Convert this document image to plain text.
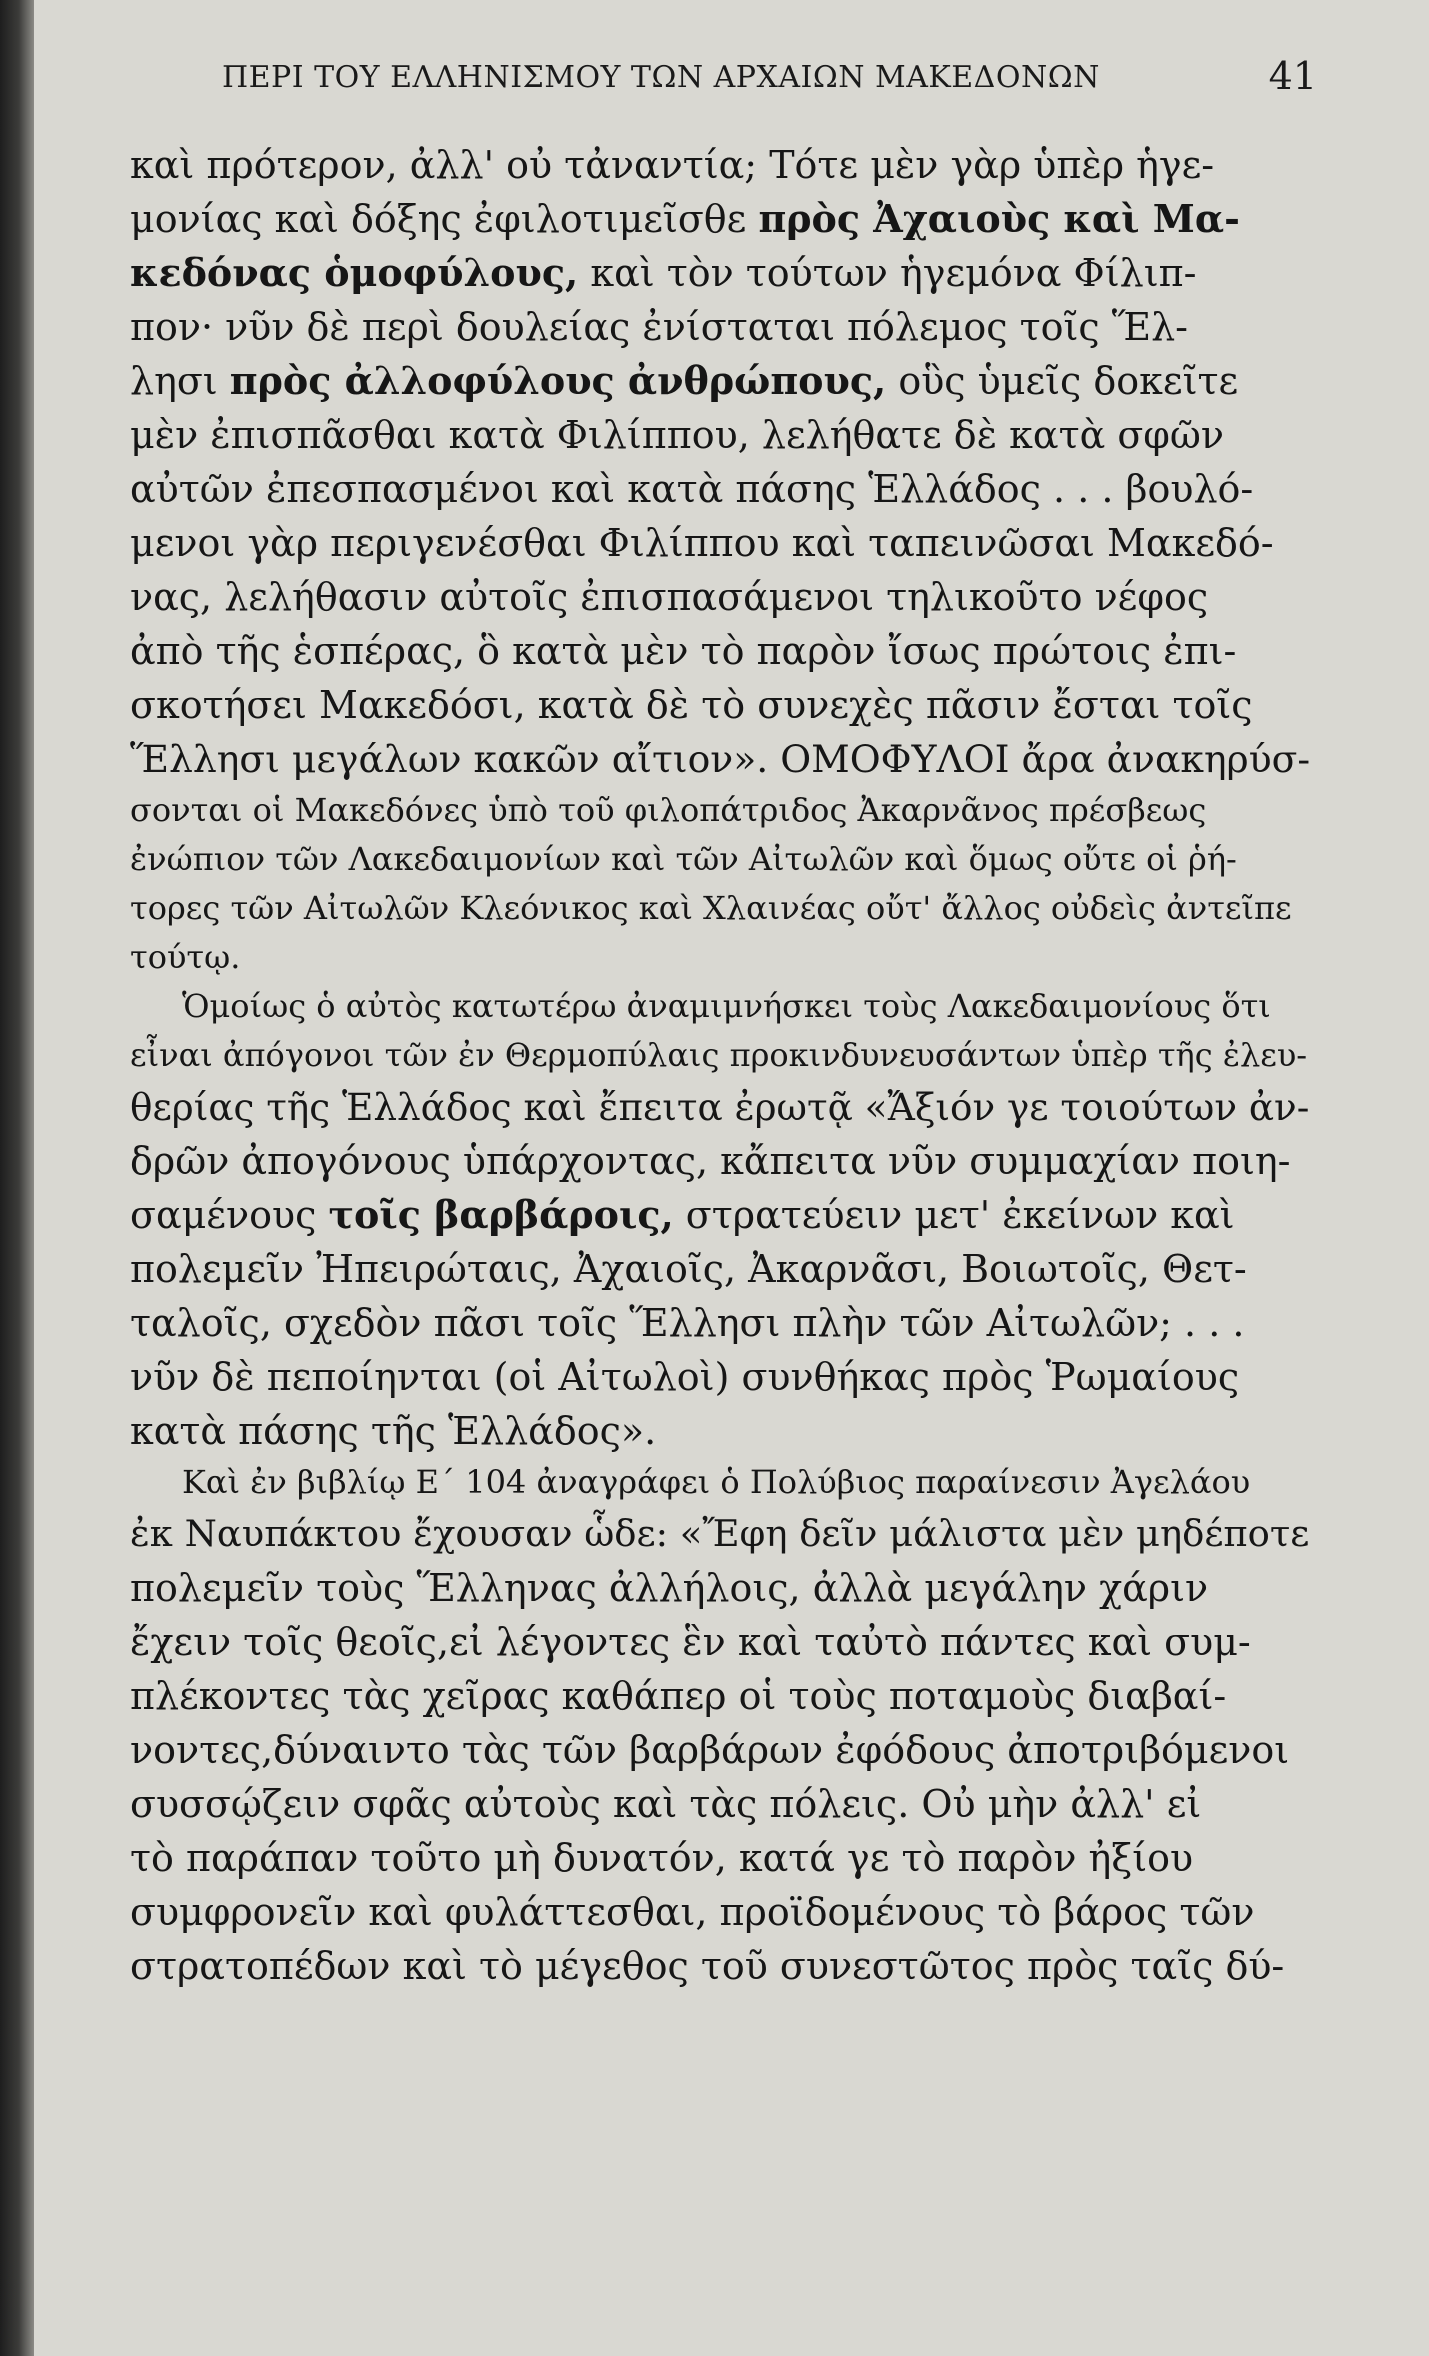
ΠΕΡΙ ΤΟΥ ΕΛΛΗΝΙΣΜΟΥ ΤΩΝ ΑΡΧΑΙΩΝ ΜΑΚΕΔΟΝΩΝ	41
καὶ πρότερον, ἀλλ' οὐ τἀναντία; Τότε μὲν γὰρ ὑπὲρ ἡγε-
μονίας καὶ δόξης ἐφιλοτιμεῖσθε πρὸς Ἀχαιοὺς καὶ Μα-
κεδόνας ὁμοφύλους, καὶ τὸν τούτων ἡγεμόνα Φίλιπ-
πον· νῦν δὲ περὶ δουλείας ἐνίσταται πόλεμος τοῖς Ἕλ-
λησι πρὸς ἀλλοφύλους ἀνθρώπους, οὓς ὑμεῖς δοκεῖτε
μὲν ἐπισπᾶσθαι κατὰ Φιλίππου, λελήθατε δὲ κατὰ σφῶν
αὐτῶν ἐπεσπασμένοι καὶ κατὰ πάσης Ἑλλάδος . . . βουλό-
μενοι γὰρ περιγενέσθαι Φιλίππου καὶ ταπεινῶσαι Μακεδό-
νας, λελήθασιν αὐτοῖς ἐπισπασάμενοι τηλικοῦτο νέφος
ἀπὸ τῆς ἑσπέρας, ὃ κατὰ μὲν τὸ παρὸν ἴσως πρώτοις ἐπι-
σκοτήσει Μακεδόσι, κατὰ δὲ τὸ συνεχὲς πᾶσιν ἔσται τοῖς
Ἕλλησι μεγάλων κακῶν αἴτιον». ΟΜΟΦΥΛΟΙ ἄρα ἀνακηρύσ-
σονται οἱ Μακεδόνες ὑπὸ τοῦ φιλοπάτριδος Ἀκαρνᾶνος πρέσβεως
ἐνώπιον τῶν Λακεδαιμονίων καὶ τῶν Αἰτωλῶν καὶ ὅμως οὔτε οἱ ῥή-
τορες τῶν Αἰτωλῶν Κλεόνικος καὶ Χλαινέας οὔτ' ἄλλος οὐδεὶς ἀντεῖπε
τούτῳ.
Ὁμοίως ὁ αὐτὸς κατωτέρω ἀναμιμνήσκει τοὺς Λακεδαιμονίους ὅτι
εἶναι ἀπόγονοι τῶν ἐν Θερμοπύλαις προκινδυνευσάντων ὑπὲρ τῆς ἐλευ-
θερίας τῆς Ἑλλάδος καὶ ἔπειτα ἐρωτᾷ «Ἄξιόν γε τοιούτων ἀν-
δρῶν ἀπογόνους ὑπάρχοντας, κἄπειτα νῦν συμμαχίαν ποιη-
σαμένους τοῖς βαρβάροις, στρατεύειν μετ' ἐκείνων καὶ
πολεμεῖν Ἠπειρώταις, Ἀχαιοῖς, Ἀκαρνᾶσι, Βοιωτοῖς, Θετ-
ταλοῖς, σχεδὸν πᾶσι τοῖς Ἕλλησι πλὴν τῶν Αἰτωλῶν; . . .
νῦν δὲ πεποίηνται (οἱ Αἰτωλοὶ) συνθήκας πρὸς Ῥωμαίους
κατὰ πάσης τῆς Ἑλλάδος».
Καὶ ἐν βιβλίῳ Ε΄ 104 ἀναγράφει ὁ Πολύβιος παραίνεσιν Ἀγελάου
ἐκ Ναυπάκτου ἔχουσαν ὧδε: «Ἔφη δεῖν μάλιστα μὲν μηδέποτε
πολεμεῖν τοὺς Ἕλληνας ἀλλήλοις, ἀλλὰ μεγάλην χάριν
ἔχειν τοῖς θεοῖς,εἰ λέγοντες ἓν καὶ ταὐτὸ πάντες καὶ συμ-
πλέκοντες τὰς χεῖρας καθάπερ οἱ τοὺς ποταμοὺς διαβαί-
νοντες,δύναιντο τὰς τῶν βαρβάρων ἐφόδους ἀποτριβόμενοι
συσσῴζειν σφᾶς αὐτοὺς καὶ τὰς πόλεις. Οὐ μὴν ἀλλ' εἰ
τὸ παράπαν τοῦτο μὴ δυνατόν, κατά γε τὸ παρὸν ἠξίου
συμφρονεῖν καὶ φυλάττεσθαι, προϊδομένους τὸ βάρος τῶν
στρατοπέδων καὶ τὸ μέγεθος τοῦ συνεστῶτος πρὸς ταῖς δύ-
